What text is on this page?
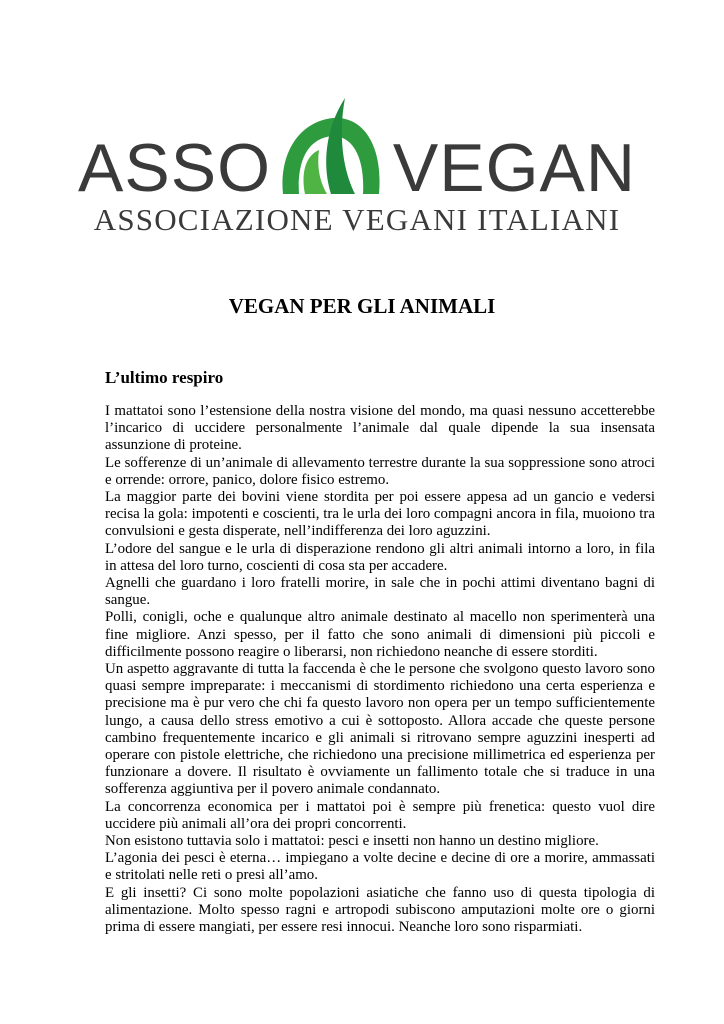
ASSO VEGAN
ASSOCIAZIONE VEGANI ITALIANI
VEGAN PER GLI ANIMALI
L’ultimo respiro

I mattatoi sono l’estensione della nostra visione del mondo, ma quasi nessuno accetterebbe l’incarico di uccidere personalmente l’animale dal quale dipende la sua insensata assunzione di proteine.

Le sofferenze di un’animale di allevamento terrestre durante la sua soppressione sono atroci e orrende: orrore, panico, dolore fisico estremo.

La maggior parte dei bovini viene stordita per poi essere appesa ad un gancio e vedersi recisa la gola: impotenti e coscienti, tra le urla dei loro compagni ancora in fila, muoiono tra convulsioni e gesta disperate, nell’indifferenza dei loro aguzzini.

L’odore del sangue e le urla di disperazione rendono gli altri animali intorno a loro, in fila in attesa del loro turno, coscienti di cosa sta per accadere.

Agnelli che guardano i loro fratelli morire, in sale che in pochi attimi diventano bagni di sangue.

Polli, conigli, oche e qualunque altro animale destinato al macello non sperimenterà una fine migliore. Anzi spesso, per il fatto che sono animali di dimensioni più piccoli e difficilmente possono reagire o liberarsi, non richiedono neanche di essere storditi.

Un aspetto aggravante di tutta la faccenda è che le persone che svolgono questo lavoro sono quasi sempre impreparate: i meccanismi di stordimento richiedono una certa esperienza e precisione ma è pur vero che chi fa questo lavoro non opera per un tempo sufficientemente lungo, a causa dello stress emotivo a cui è sottoposto. Allora accade che queste persone cambino frequentemente incarico e gli animali si ritrovano sempre aguzzini inesperti ad operare con pistole elettriche, che richiedono una precisione millimetrica ed esperienza per funzionare a dovere. Il risultato è ovviamente un fallimento totale che si traduce in una sofferenza aggiuntiva per il povero animale condannato.

La concorrenza economica per i mattatoi poi è sempre più frenetica: questo vuol dire uccidere più animali all’ora dei propri concorrenti.

Non esistono tuttavia solo i mattatoi: pesci e insetti non hanno un destino migliore.

L’agonia dei pesci è eterna… impiegano a volte decine e decine di ore a morire, ammassati e stritolati nelle reti o presi all’amo.

E gli insetti? Ci sono molte popolazioni asiatiche che fanno uso di questa tipologia di alimentazione. Molto spesso ragni e artropodi subiscono amputazioni molte ore o giorni prima di essere mangiati, per essere resi innocui. Neanche loro sono risparmiati.
